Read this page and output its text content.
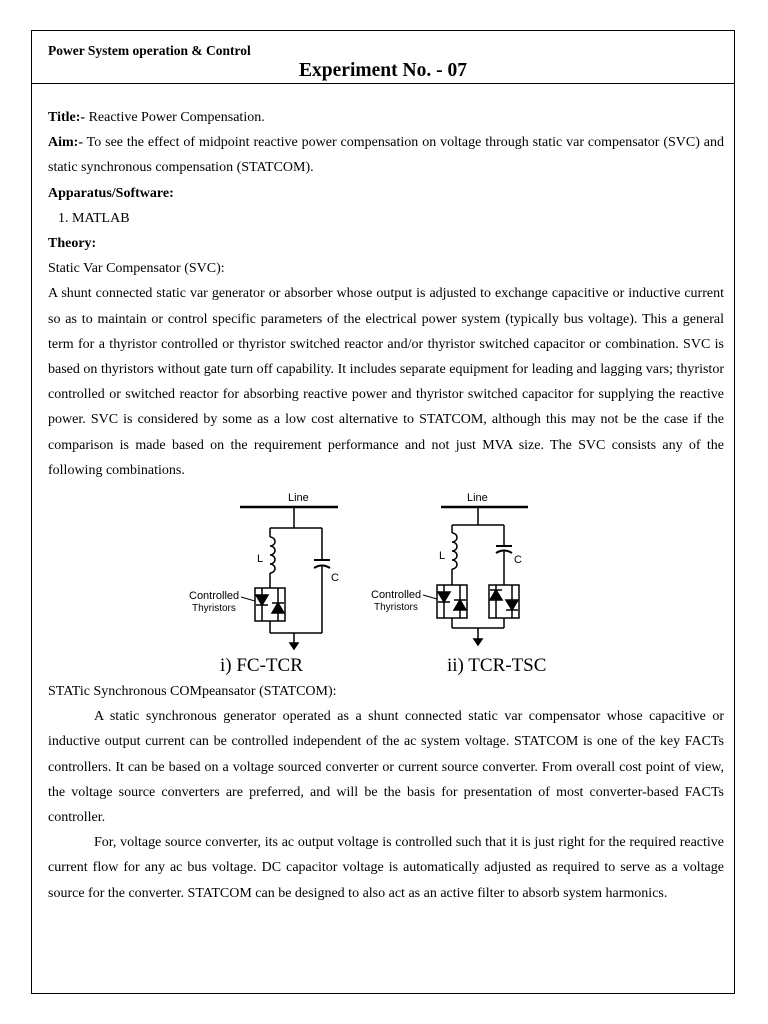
Power System operation & Control
Experiment No. - 07

Title:- Reactive Power Compensation.

Aim:- To see the effect of midpoint reactive power compensation on voltage through static var compensator (SVC) and static synchronous compensation (STATCOM).

Apparatus/Software:

1. MATLAB

Theory:

Static Var Compensator (SVC):

A shunt connected static var generator or absorber whose output is adjusted to exchange capacitive or inductive current so as to maintain or control specific parameters of the electrical power system (typically bus voltage). This a general term for a thyristor controlled or thyristor switched reactor and/or thyristor switched capacitor or combination. SVC is based on thyristors without gate turn off capability. It includes separate equipment for leading and lagging vars; thyristor controlled or switched reactor for absorbing reactive power and thyristor switched capacitor for supplying the reactive power. SVC is considered by some as a low cost alternative to STATCOM, although this may not be the case if the comparison is made based on the requirement performance and not just MVA size. The SVC consists any of the following combinations.

Line
L
C
Controlled
Thyristors
Line
L	C
Controlled
Thyristors
i) FC-TCR	ii) TCR-TSC

STATic Synchronous COMpeansator (STATCOM):

A static synchronous generator operated as a shunt connected static var compensator whose capacitive or inductive output current can be controlled independent of the ac system voltage. STATCOM is one of the key FACTs controllers. It can be based on a voltage sourced converter or current source converter. From overall cost point of view, the voltage source converters are preferred, and will be the basis for presentation of most converter-based FACTs controller.

For, voltage source converter, its ac output voltage is controlled such that it is just right for the required reactive current flow for any ac bus voltage. DC capacitor voltage is automatically adjusted as required to serve as a voltage source for the converter. STATCOM can be designed to also act as an active filter to absorb system harmonics.
